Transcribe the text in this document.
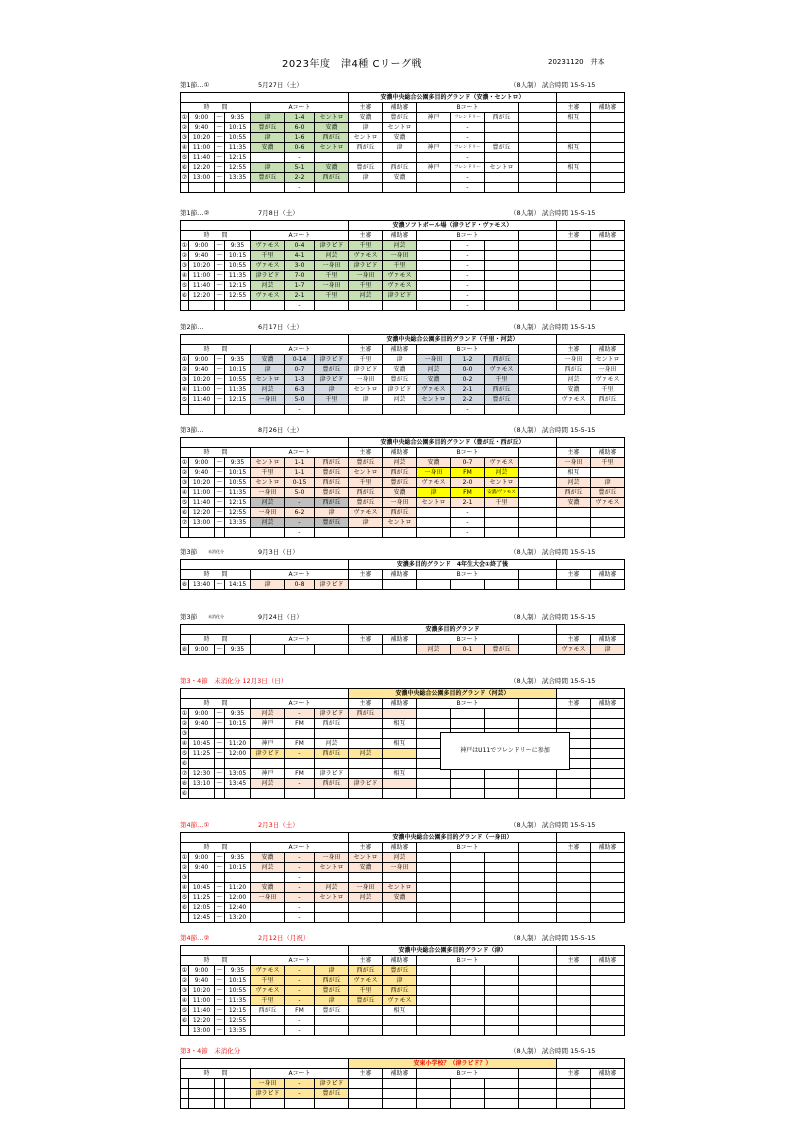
2023年度　津4種 Cリーグ戦	20231120　井本
第1節…①	5月27日（土）	（8人制） 試合時間 15-5-15
							安濃中央総合公園多目的グランド（安濃・セントロ）							
時　　間				Aコート			主審	補助審	Bコート				主審	補助審
①	9:00	～	9:35	津	1-4	セントロ	安濃	豊が丘	神戸	フレンドリー	西が丘		相互	
②	9:40	～	10:15	豊が丘	6-0	安濃	津	セントロ		-				
③	10:20	～	10:55	津	1-6	西が丘	セントロ	安濃		-				
④	11:00	～	11:35	安濃	0-6	セントロ	西が丘	津	神戸	フレンドリー	豊が丘		相互	
⑤	11:40	～	12:15		-					-				
⑥	12:20	～	12:55	津	5-1	安濃	豊が丘	西が丘	神戸	フレンドリー	セントロ		相互	
⑦	13:00	～	13:35	豊が丘	2-2	西が丘	津	安濃		-				
					-					-				
第1節…②	7月8日（土）	（8人制） 試合時間 15-5-15
							安濃ソフトボール場（津ラピド・ヴァモス）							
時　　間				Aコート			主審	補助審	Bコート				主審	補助審
①	9:00	～	9:35	ヴァモス	0-4	津ラピド	千里	河芸		-				
②	9:40	～	10:15	千里	4-1	河芸	ヴァモス	一身田		-				
③	10:20	～	10:55	ヴァモス	3-0	一身田	津ラピド	千里		-				
④	11:00	～	11:35	津ラピド	7-0	千里	一身田	ヴァモス		-				
⑤	11:40	～	12:15	河芸	1-7	一身田	千里	ヴァモス		-				
⑥	12:20	～	12:55	ヴァモス	2-1	千里	河芸	津ラピド		-				
					-					-				
第2節…	6月17日（土）	（8人制） 試合時間 15-5-15
							安濃中央総合公園多目的グランド（千里・河芸）							
時　　間				Aコート			主審	補助審	Bコート				主審	補助審
①	9:00	～	9:35	安濃	0-14	津ラピド	千里	津	一身田	1-2	西が丘		一身田	セントロ
②	9:40	～	10:15	津	0-7	豊が丘	津ラピド	安濃	河芸	0-0	ヴァモス		西が丘	一身田
③	10:20	～	10:55	セントロ	1-3	津ラピド	一身田	豊が丘	安濃	0-2	千里		河芸	ヴァモス
④	11:00	～	11:35	河芸	6-3	津	セントロ	津ラピド	ヴァモス	2-1	西が丘		安濃	千里
⑤	11:40	～	12:15	一身田	5-0	千里	津	河芸	セントロ	2-2	豊が丘		ヴァモス	西が丘
					-					-				
第3節…	8月26日（土）	（8人制） 試合時間 15-5-15
							安濃中央総合公園多目的グランド（豊が丘・西が丘）							
時　　間				Aコート			主審	補助審	Bコート				主審	補助審
①	9:00	～	9:35	セントロ	1-1	西が丘	豊が丘	河芸	安濃	0-7	ヴァモス		一身田	千里
②	9:40	～	10:15	千里	1-1	豊が丘	セントロ	西が丘	一身田	FM	河芸		相互	
③	10:20	～	10:55	セントロ	0-15	西が丘	千里	豊が丘	ヴァモス	2-0	セントロ		河芸	津
④	11:00	～	11:35	一身田	5-0	豊が丘	西が丘	安濃	津	FM	安濃/ヴァモス		西が丘	豊が丘
⑤	11:40	～	12:15	河芸	-	西が丘	豊が丘	一身田	セントロ	2-1	千里		安濃	ヴァモス
⑥	12:20	～	12:55	一身田	6-2	津	ヴァモス	西が丘		-				
⑦	13:00	～	13:35	河芸	-	豊が丘	津	セントロ		-				
					-					-				
第3節	未消化分	9月3日（日）	（8人制） 試合時間 15-5-15
							安濃多目的グランド　4年生大会①終了後							
時　　間				Aコート			主審	補助審	Bコート				主審	補助審
⑧	13:40	～	14:15	津	0-8	津ラピド								
第3節	未消化分	9月24日（日）	（8人制） 試合時間 15-5-15
							安濃多目的グランド							
時　　間				Aコート			主審	補助審	Bコート				主審	補助審
⑧	9:00	～	9:35						河芸	0-1	豊が丘		ヴァモス	津
第3・4節　未消化分 12月3日（日）	（8人制） 試合時間 15-5-15
							安濃中央総合公園多目的グランド（河芸）							
時　　間				Aコート			主審	補助審	Bコート				主審	補助審
①	9:00	～	9:35	河芸	-	津ラピド	西が丘							
②	9:40	～	10:15	神戸	FM	西が丘		相互						
③														
④	10:45	～	11:20	神戸	FM	河芸		相互						
⑤	11:25	～	12:00	津ラピド	-	西が丘	河芸							
⑥														
⑦	12:30	～	13:05	神戸	FM	津ラピド		相互						
⑧	13:10	～	13:45	河芸	-	西が丘	津ラピド							
⑥														
第4節…①	2月3日（土）	（8人制） 試合時間 15-5-15
							安濃中央総合公園多目的グランド（一身田）							
時　　間				Aコート			主審	補助審	Bコート				主審	補助審
①	9:00	～	9:35	安濃	-	一身田	セントロ	河芸						
②	9:40	～	10:15	河芸	-	セントロ	安濃	一身田						
③					-									
④	10:45	～	11:20	安濃	-	河芸	一身田	セントロ						
⑤	11:25	～	12:00	一身田	-	セントロ	河芸	安濃						
⑥	12:05	～	12:40		-									
	12:45	～	13:20		-									
第4節…②	2月12日（月祝）	（8人制） 試合時間 15-5-15
							安濃中央総合公園多目的グランド（津）							
時　　間				Aコート			主審	補助審	Bコート				主審	補助審
①	9:00	～	9:35	ヴァモス	-	津	西が丘	豊が丘						
②	9:40	～	10:15	千里	-	西が丘	ヴァモス	津						
③	10:20	～	10:55	ヴァモス	-	豊が丘	千里	西が丘						
④	11:00	～	11:35	千里	-	津	豊が丘	ヴァモス						
⑤	11:40	～	12:15	西が丘	FM	豊が丘		相互						
⑥	12:20	～	12:55		-									
	13:00	～	13:35		-									
第3・4節　未消化分	（8人制） 試合時間 15-5-15
							安東小学校？（津ラピド？）							
時　　間				Aコート			主審	補助審	Bコート				主審	補助審
				一身田	-	津ラピド								
				津ラピド	-	豊が丘								

神戸はU11でフレンドリーに参加
